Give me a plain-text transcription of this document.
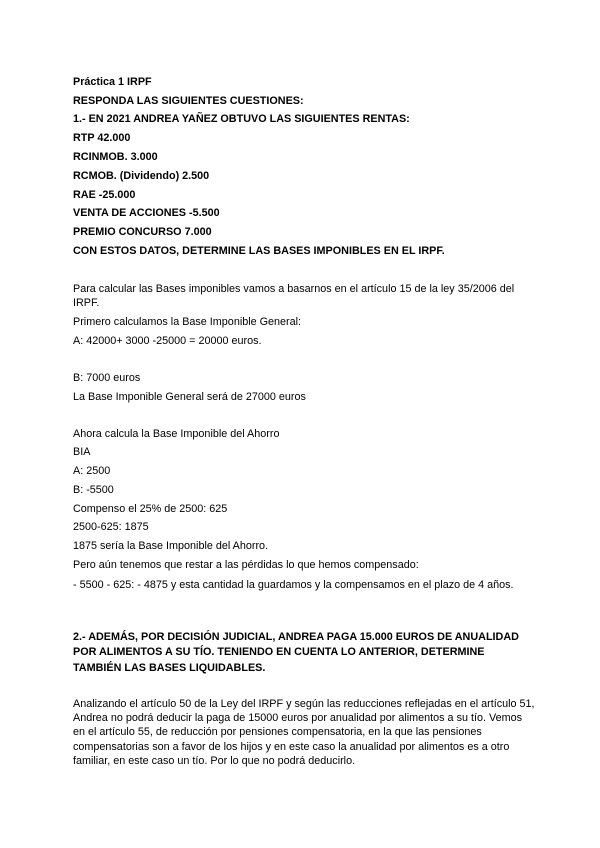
Práctica 1 IRPF
RESPONDA LAS SIGUIENTES CUESTIONES:
1.- EN 2021 ANDREA YAÑEZ OBTUVO LAS SIGUIENTES RENTAS:
RTP 42.000
RCINMOB. 3.000
RCMOB. (Dividendo) 2.500
RAE -25.000
VENTA DE ACCIONES -5.500
PREMIO CONCURSO 7.000
CON ESTOS DATOS, DETERMINE LAS BASES IMPONIBLES EN EL IRPF.
Para calcular las Bases imponibles vamos a basarnos en el artículo 15 de la ley 35/2006 del IRPF.
Primero calculamos la Base Imponible General:
A: 42000+ 3000 -25000 = 20000 euros.
B: 7000 euros
La Base Imponible General será de 27000 euros
Ahora calcula la Base Imponible del Ahorro
BIA
A: 2500
B: -5500
Compenso el 25% de 2500: 625
2500-625: 1875
1875 sería la Base Imponible del Ahorro.
Pero aún tenemos que restar a las pérdidas lo que hemos compensado:
- 5500 - 625: - 4875 y esta cantidad la guardamos y la compensamos en el plazo de 4 años.
2.- ADEMÁS, POR DECISIÓN JUDICIAL, ANDREA PAGA 15.000 EUROS DE ANUALIDAD POR ALIMENTOS A SU TÍO. TENIENDO EN CUENTA LO ANTERIOR, DETERMINE TAMBIÉN LAS BASES LIQUIDABLES.
Analizando el artículo 50 de la Ley del IRPF y según las reducciones reflejadas en el artículo 51, Andrea no podrá deducir la paga de 15000 euros por anualidad por alimentos a su tío. Vemos en el artículo 55, de reducción por pensiones compensatoria, en la que las pensiones compensatorias son a favor de los hijos y en este caso la anualidad por alimentos es a otro familiar, en este caso un tío. Por lo que no podrá deducirlo.
